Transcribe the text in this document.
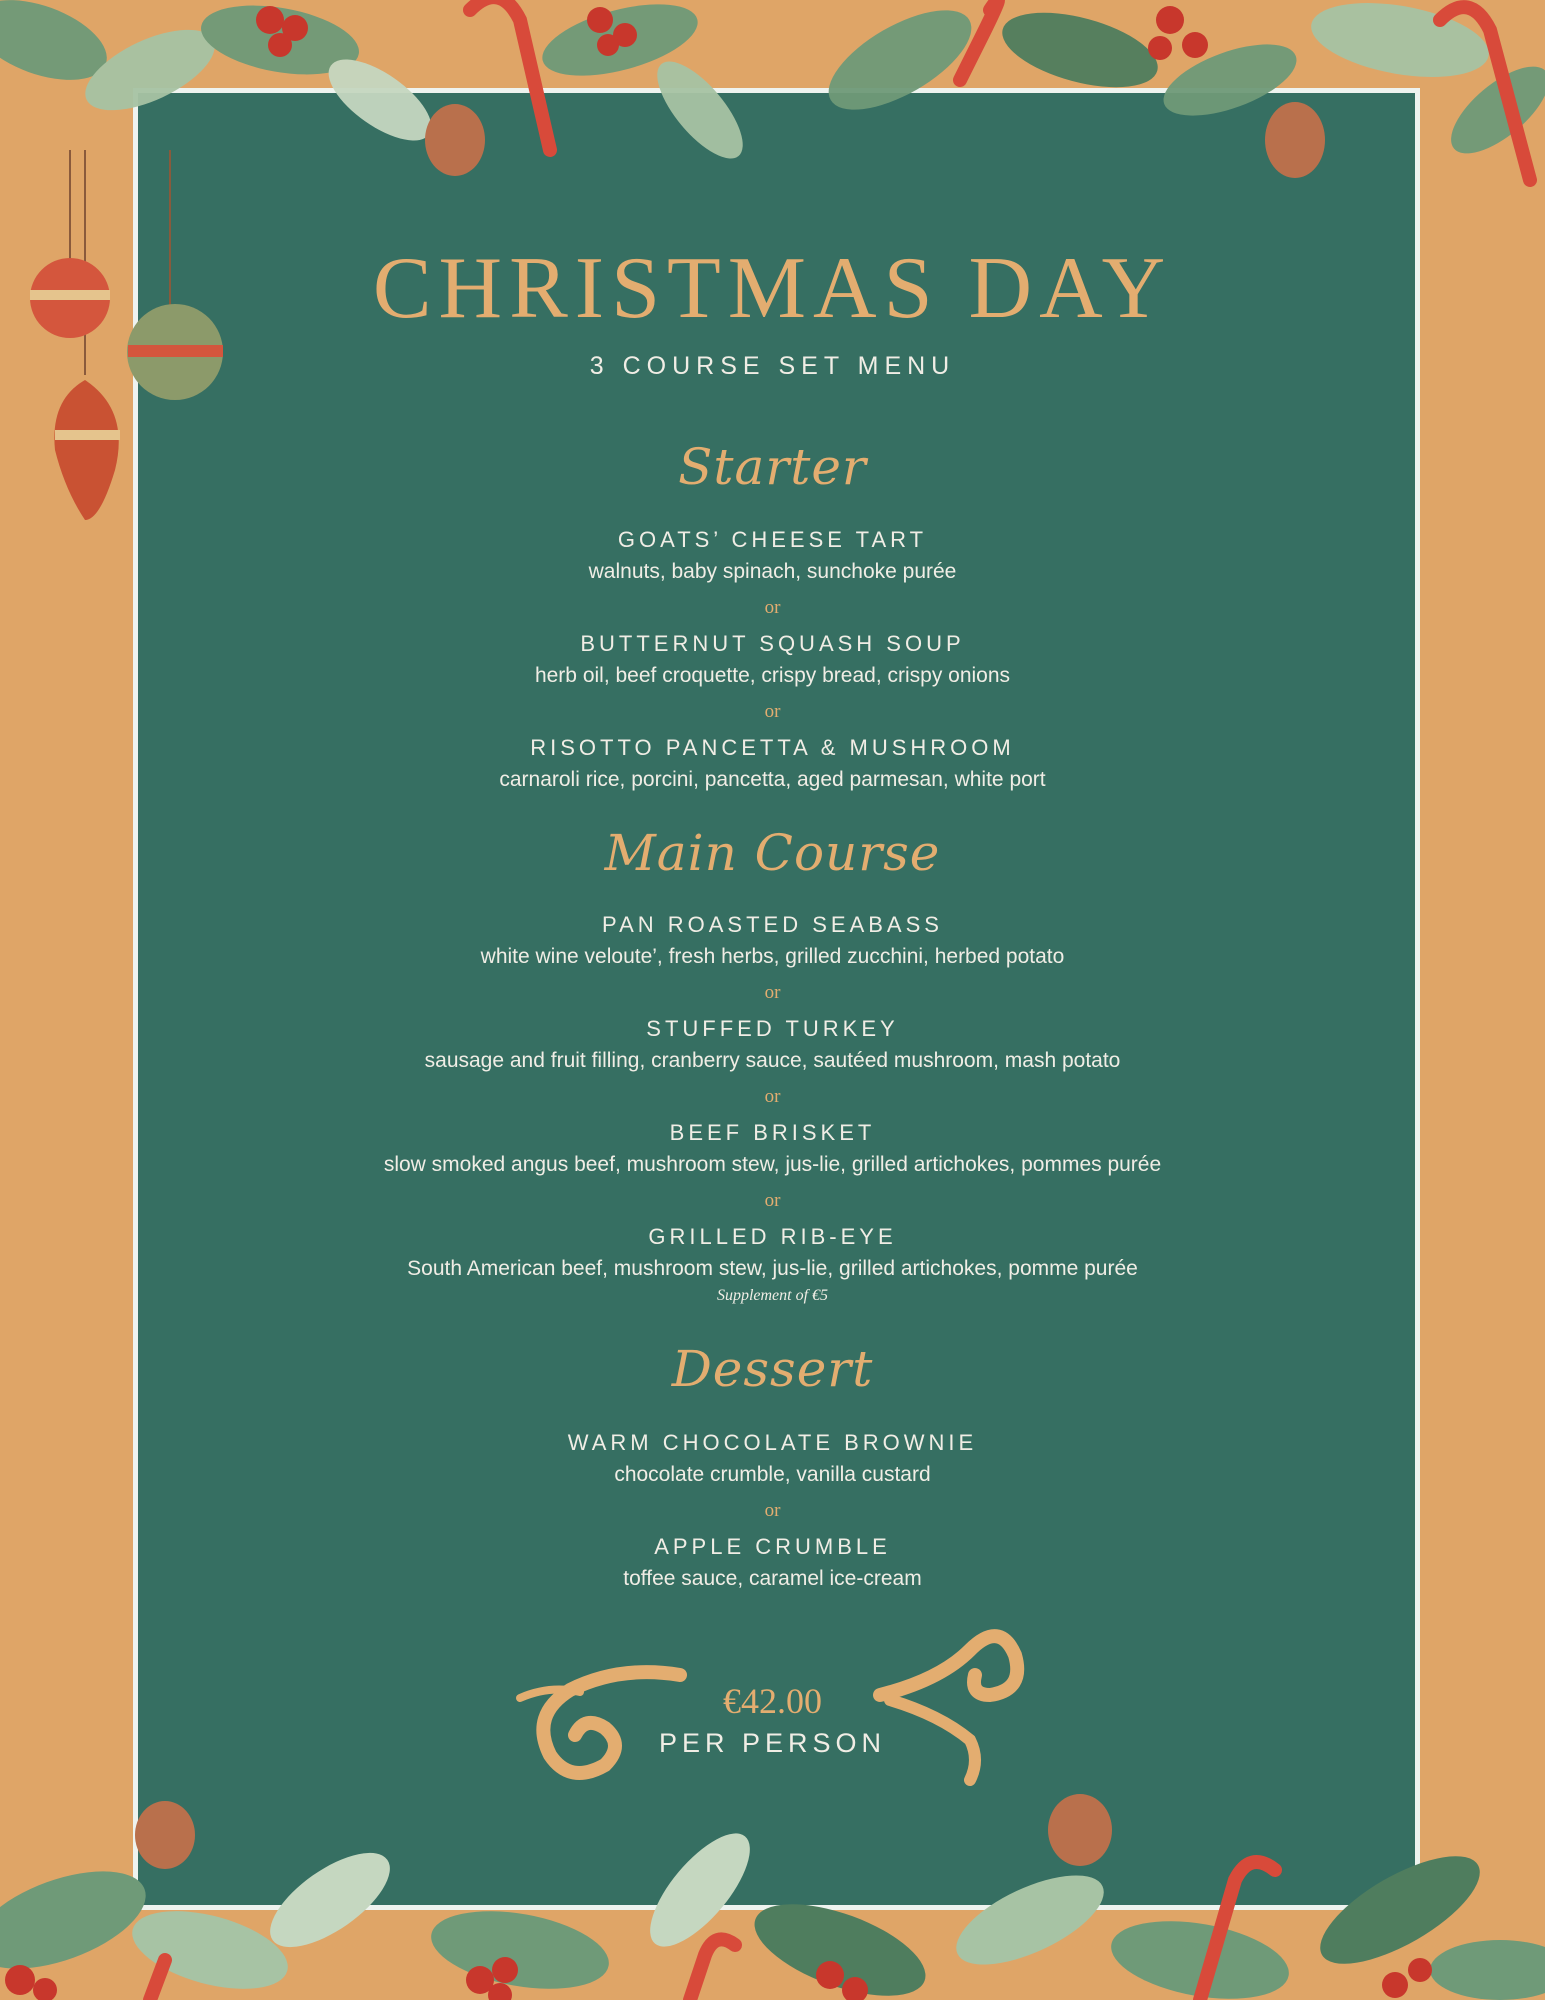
CHRISTMAS DAY
3 COURSE SET MENU
Starter
GOATS’ CHEESE TART
walnuts, baby spinach, sunchoke purée
or
BUTTERNUT SQUASH SOUP
herb oil, beef croquette, crispy bread, crispy onions
or
RISOTTO PANCETTA & MUSHROOM
carnaroli rice, porcini, pancetta, aged parmesan, white port
Main Course
PAN ROASTED SEABASS
white wine veloute’, fresh herbs, grilled zucchini, herbed potato
or
STUFFED TURKEY
sausage and fruit filling, cranberry sauce, sautéed mushroom, mash potato
or
BEEF BRISKET
slow smoked angus beef, mushroom stew, jus-lie, grilled artichokes, pommes purée
or
GRILLED RIB-EYE
South American beef, mushroom stew, jus-lie, grilled artichokes, pomme purée
Supplement of €5
Dessert
WARM CHOCOLATE BROWNIE
chocolate crumble, vanilla custard
or
APPLE CRUMBLE
toffee sauce, caramel ice-cream
€42.00
PER PERSON
